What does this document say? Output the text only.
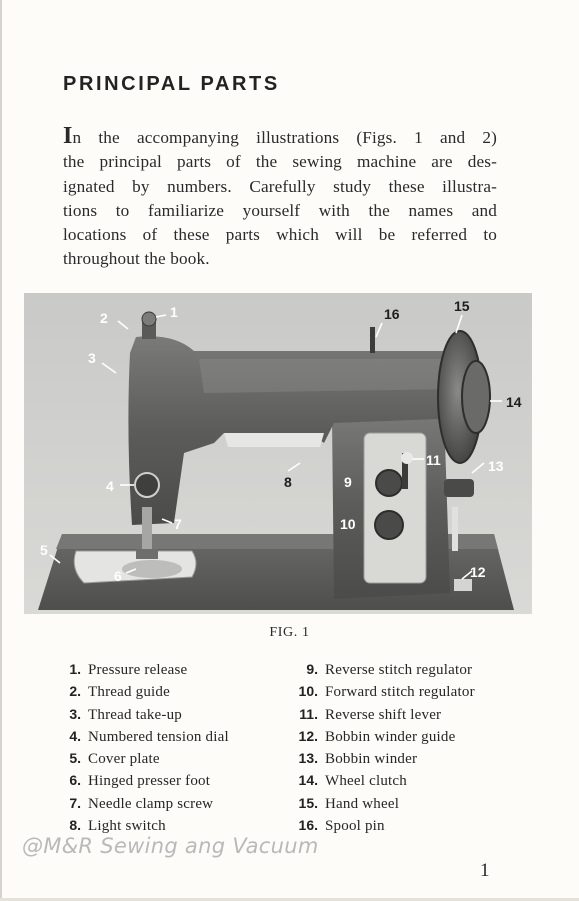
PRINCIPAL PARTS
In the accompanying illustrations (Figs. 1 and 2)
the principal parts of the sewing machine are des-
ignated by numbers. Carefully study these illustra-
tions to familiarize yourself with the names and
locations of these parts which will be referred to
throughout the book.
1
2
3
4
5
6
7
8	9
10
11
12
13
14
15
16
FIG. 1
1. Pressure release
2. Thread guide
3. Thread take-up
4. Numbered tension dial
5. Cover plate
6. Hinged presser foot
7. Needle clamp screw
8. Light switch
9. Reverse stitch regulator
10. Forward stitch regulator
11. Reverse shift lever
12. Bobbin winder guide
13. Bobbin winder
14. Wheel clutch
15. Hand wheel
16. Spool pin
@M&R Sewing ang Vacuum
1
